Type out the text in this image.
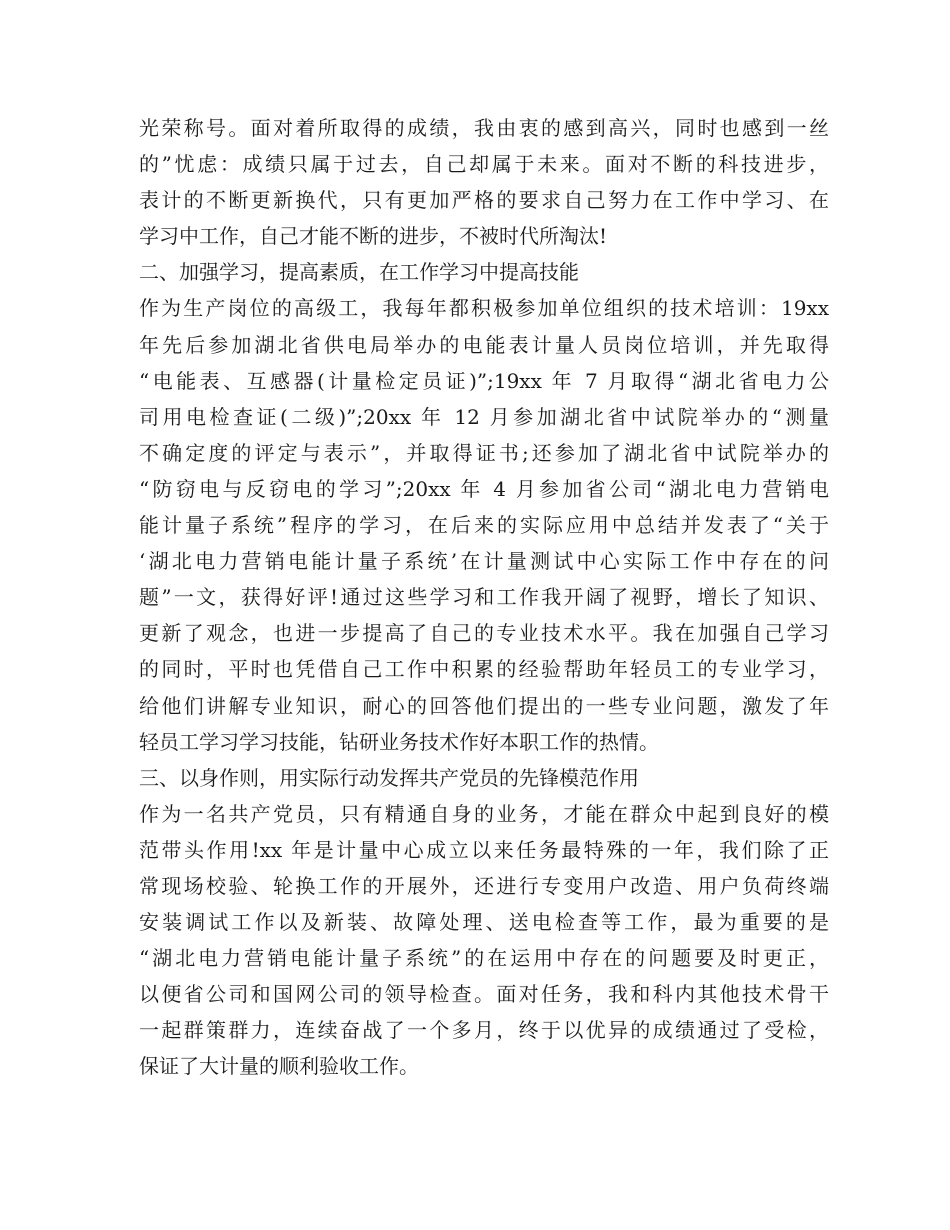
光荣称号。面对着所取得的成绩，我由衷的感到高兴，同时也感到一丝
的”忧虑：成绩只属于过去，自己却属于未来。面对不断的科技进步，
表计的不断更新换代，只有更加严格的要求自己努力在工作中学习、在
学习中工作，自己才能不断的进步，不被时代所淘汰!
二、加强学习，提高素质，在工作学习中提高技能
作为生产岗位的高级工，我每年都积极参加单位组织的技术培训：19xx
年先后参加湖北省供电局举办的电能表计量人员岗位培训，并先取得
“电能表、互感器(计量检定员证)”;19xx 年 7 月取得“湖北省电力公
司用电检查证(二级)”;20xx 年 12 月参加湖北省中试院举办的“测量
不确定度的评定与表示”，并取得证书;还参加了湖北省中试院举办的
“防窃电与反窃电的学习”;20xx 年 4 月参加省公司“湖北电力营销电
能计量子系统”程序的学习，在后来的实际应用中总结并发表了“关于
‘湖北电力营销电能计量子系统’在计量测试中心实际工作中存在的问
题”一文，获得好评!通过这些学习和工作我开阔了视野，增长了知识、
更新了观念，也进一步提高了自己的专业技术水平。我在加强自己学习
的同时，平时也凭借自己工作中积累的经验帮助年轻员工的专业学习，
给他们讲解专业知识，耐心的回答他们提出的一些专业问题，激发了年
轻员工学习学习技能，钻研业务技术作好本职工作的热情。
三、以身作则，用实际行动发挥共产党员的先锋模范作用
作为一名共产党员，只有精通自身的业务，才能在群众中起到良好的模
范带头作用!xx 年是计量中心成立以来任务最特殊的一年，我们除了正
常现场校验、轮换工作的开展外，还进行专变用户改造、用户负荷终端
安装调试工作以及新装、故障处理、送电检查等工作，最为重要的是
“湖北电力营销电能计量子系统”的在运用中存在的问题要及时更正，
以便省公司和国网公司的领导检查。面对任务，我和科内其他技术骨干
一起群策群力，连续奋战了一个多月，终于以优异的成绩通过了受检，
保证了大计量的顺利验收工作。
